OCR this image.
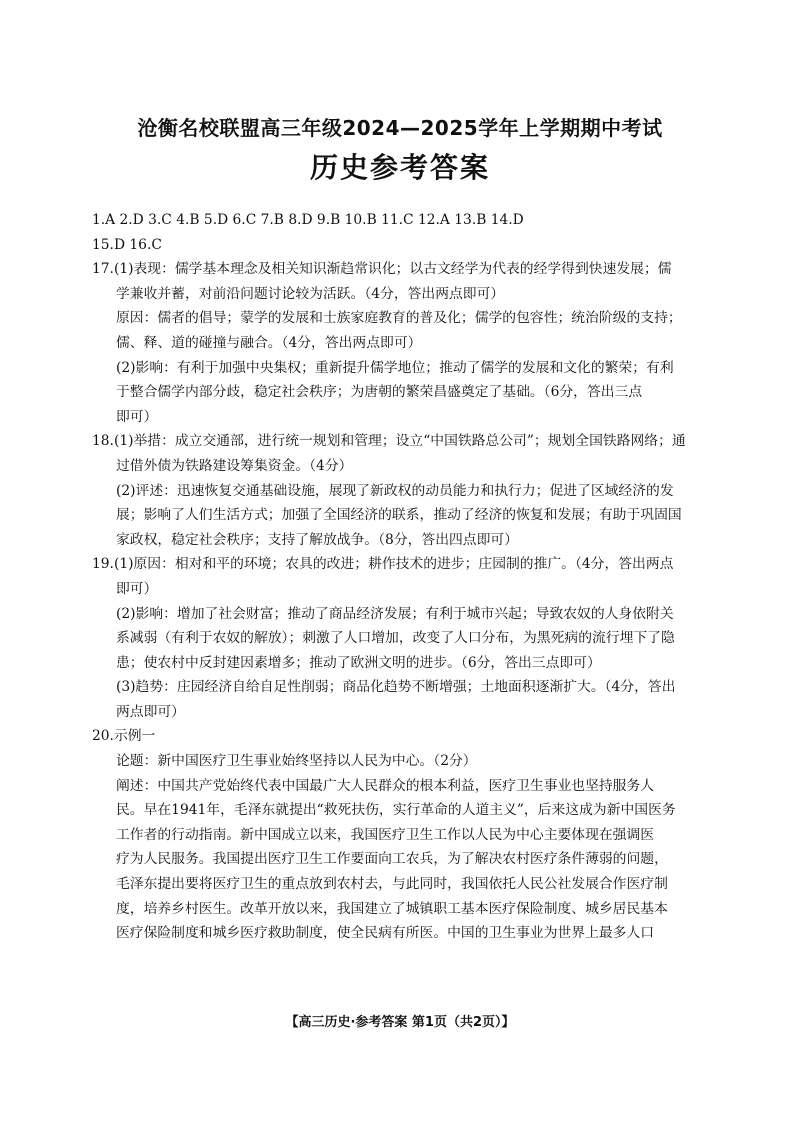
沧衡名校联盟高三年级2024—2025学年上学期期中考试
历史参考答案
1.A 2.D 3.C 4.B 5.D 6.C 7.B 8.D 9.B 10.B 11.C 12.A 13.B 14.D
15.D 16.C
17.(1)表现：儒学基本理念及相关知识渐趋常识化；以古文经学为代表的经学得到快速发展；儒
学兼收并蓄，对前沿问题讨论较为活跃。（4分，答出两点即可）
原因：儒者的倡导；蒙学的发展和士族家庭教育的普及化；儒学的包容性；统治阶级的支持；
儒、释、道的碰撞与融合。（4分，答出两点即可）
(2)影响：有利于加强中央集权；重新提升儒学地位；推动了儒学的发展和文化的繁荣；有利
于整合儒学内部分歧，稳定社会秩序；为唐朝的繁荣昌盛奠定了基础。（6分，答出三点
即可）
18.(1)举措：成立交通部，进行统一规划和管理；设立“中国铁路总公司”；规划全国铁路网络；通
过借外债为铁路建设筹集资金。（4分）
(2)评述：迅速恢复交通基础设施，展现了新政权的动员能力和执行力；促进了区域经济的发
展；影响了人们生活方式；加强了全国经济的联系，推动了经济的恢复和发展；有助于巩固国
家政权，稳定社会秩序；支持了解放战争。（8分，答出四点即可）
19.(1)原因：相对和平的环境；农具的改进；耕作技术的进步；庄园制的推广。（4分，答出两点
即可）
(2)影响：增加了社会财富；推动了商品经济发展；有利于城市兴起；导致农奴的人身依附关
系减弱（有利于农奴的解放）；刺激了人口增加，改变了人口分布，为黑死病的流行埋下了隐
患；使农村中反封建因素增多；推动了欧洲文明的进步。（6分，答出三点即可）
(3)趋势：庄园经济自给自足性削弱；商品化趋势不断增强；土地面积逐渐扩大。（4分，答出
两点即可）
20.示例一
论题：新中国医疗卫生事业始终坚持以人民为中心。（2分）
阐述：中国共产党始终代表中国最广大人民群众的根本利益，医疗卫生事业也坚持服务人
民。早在1941年，毛泽东就提出“救死扶伤，实行革命的人道主义”，后来这成为新中国医务
工作者的行动指南。新中国成立以来，我国医疗卫生工作以人民为中心主要体现在强调医
疗为人民服务。我国提出医疗卫生工作要面向工农兵，为了解决农村医疗条件薄弱的问题，
毛泽东提出要将医疗卫生的重点放到农村去，与此同时，我国依托人民公社发展合作医疗制
度，培养乡村医生。改革开放以来，我国建立了城镇职工基本医疗保险制度、城乡居民基本
医疗保险制度和城乡医疗救助制度，使全民病有所医。中国的卫生事业为世界上最多人口
【高三历史·参考答案 第1页（共2页）】
